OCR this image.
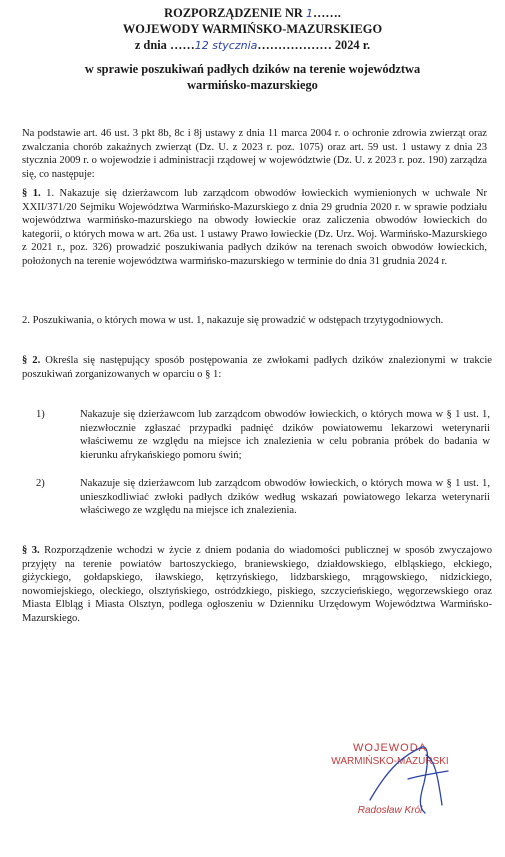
ROZPORZĄDZENIE NR 1…….
WOJEWODY WARMIŃSKO-MAZURSKIEGO
z dnia ……12 stycznia……………… 2024 r.
w sprawie poszukiwań padłych dzików na terenie województwa
warmińsko-mazurskiego
Na podstawie art. 46 ust. 3 pkt 8b, 8c i 8j ustawy z dnia 11 marca 2004 r. o ochronie zdrowia zwierząt oraz zwalczania chorób zakaźnych zwierząt (Dz. U. z 2023 r. poz. 1075) oraz art. 59 ust. 1 ustawy z dnia 23 stycznia 2009 r. o wojewodzie i administracji rządowej w województwie (Dz. U. z 2023 r. poz. 190) zarządza się, co następuje:
§ 1. 1. Nakazuje się dzierżawcom lub zarządcom obwodów łowieckich wymienionych w uchwale Nr XXII/371/20 Sejmiku Województwa Warmińsko-Mazurskiego z dnia 29 grudnia 2020 r. w sprawie podziału województwa warmińsko-mazurskiego na obwody łowieckie oraz zaliczenia obwodów łowieckich do kategorii, o których mowa w art. 26a ust. 1 ustawy Prawo łowieckie (Dz. Urz. Woj. Warmińsko-Mazurskiego z 2021 r., poz. 326) prowadzić poszukiwania padłych dzików na terenach swoich obwodów łowieckich, położonych na terenie województwa warmińsko-mazurskiego w terminie do dnia 31 grudnia 2024 r.
2. Poszukiwania, o których mowa w ust. 1, nakazuje się prowadzić w odstępach trzytygodniowych.
§ 2. Określa się następujący sposób postępowania ze zwłokami padłych dzików znalezionymi w trakcie poszukiwań zorganizowanych w oparciu o § 1:
1)	Nakazuje się dzierżawcom lub zarządcom obwodów łowieckich, o których mowa w § 1 ust. 1, niezwłocznie zgłaszać przypadki padnięć dzików powiatowemu lekarzowi weterynarii właściwemu ze względu na miejsce ich znalezienia w celu pobrania próbek do badania w kierunku afrykańskiego pomoru świń;
2)	Nakazuje się dzierżawcom lub zarządcom obwodów łowieckich, o których mowa w § 1 ust. 1, unieszkodliwiać zwłoki padłych dzików według wskazań powiatowego lekarza weterynarii właściwego ze względu na miejsce ich znalezienia.
§ 3. Rozporządzenie wchodzi w życie z dniem podania do wiadomości publicznej w sposób zwyczajowo przyjęty na terenie powiatów bartoszyckiego, braniewskiego, działdowskiego, elbląskiego, ełckiego, giżyckiego, gołdapskiego, iławskiego, kętrzyńskiego, lidzbarskiego, mrągowskiego, nidzickiego, nowomiejskiego, oleckiego, olsztyńskiego, ostródzkiego, piskiego, szczycieńskiego, węgorzewskiego oraz Miasta Elbląg i Miasta Olsztyn, podlega ogłoszeniu w Dzienniku Urzędowym Województwa Warmińsko-Mazurskiego.
WOJEWODA
WARMIŃSKO-MAZURSKI
Radosław Król
